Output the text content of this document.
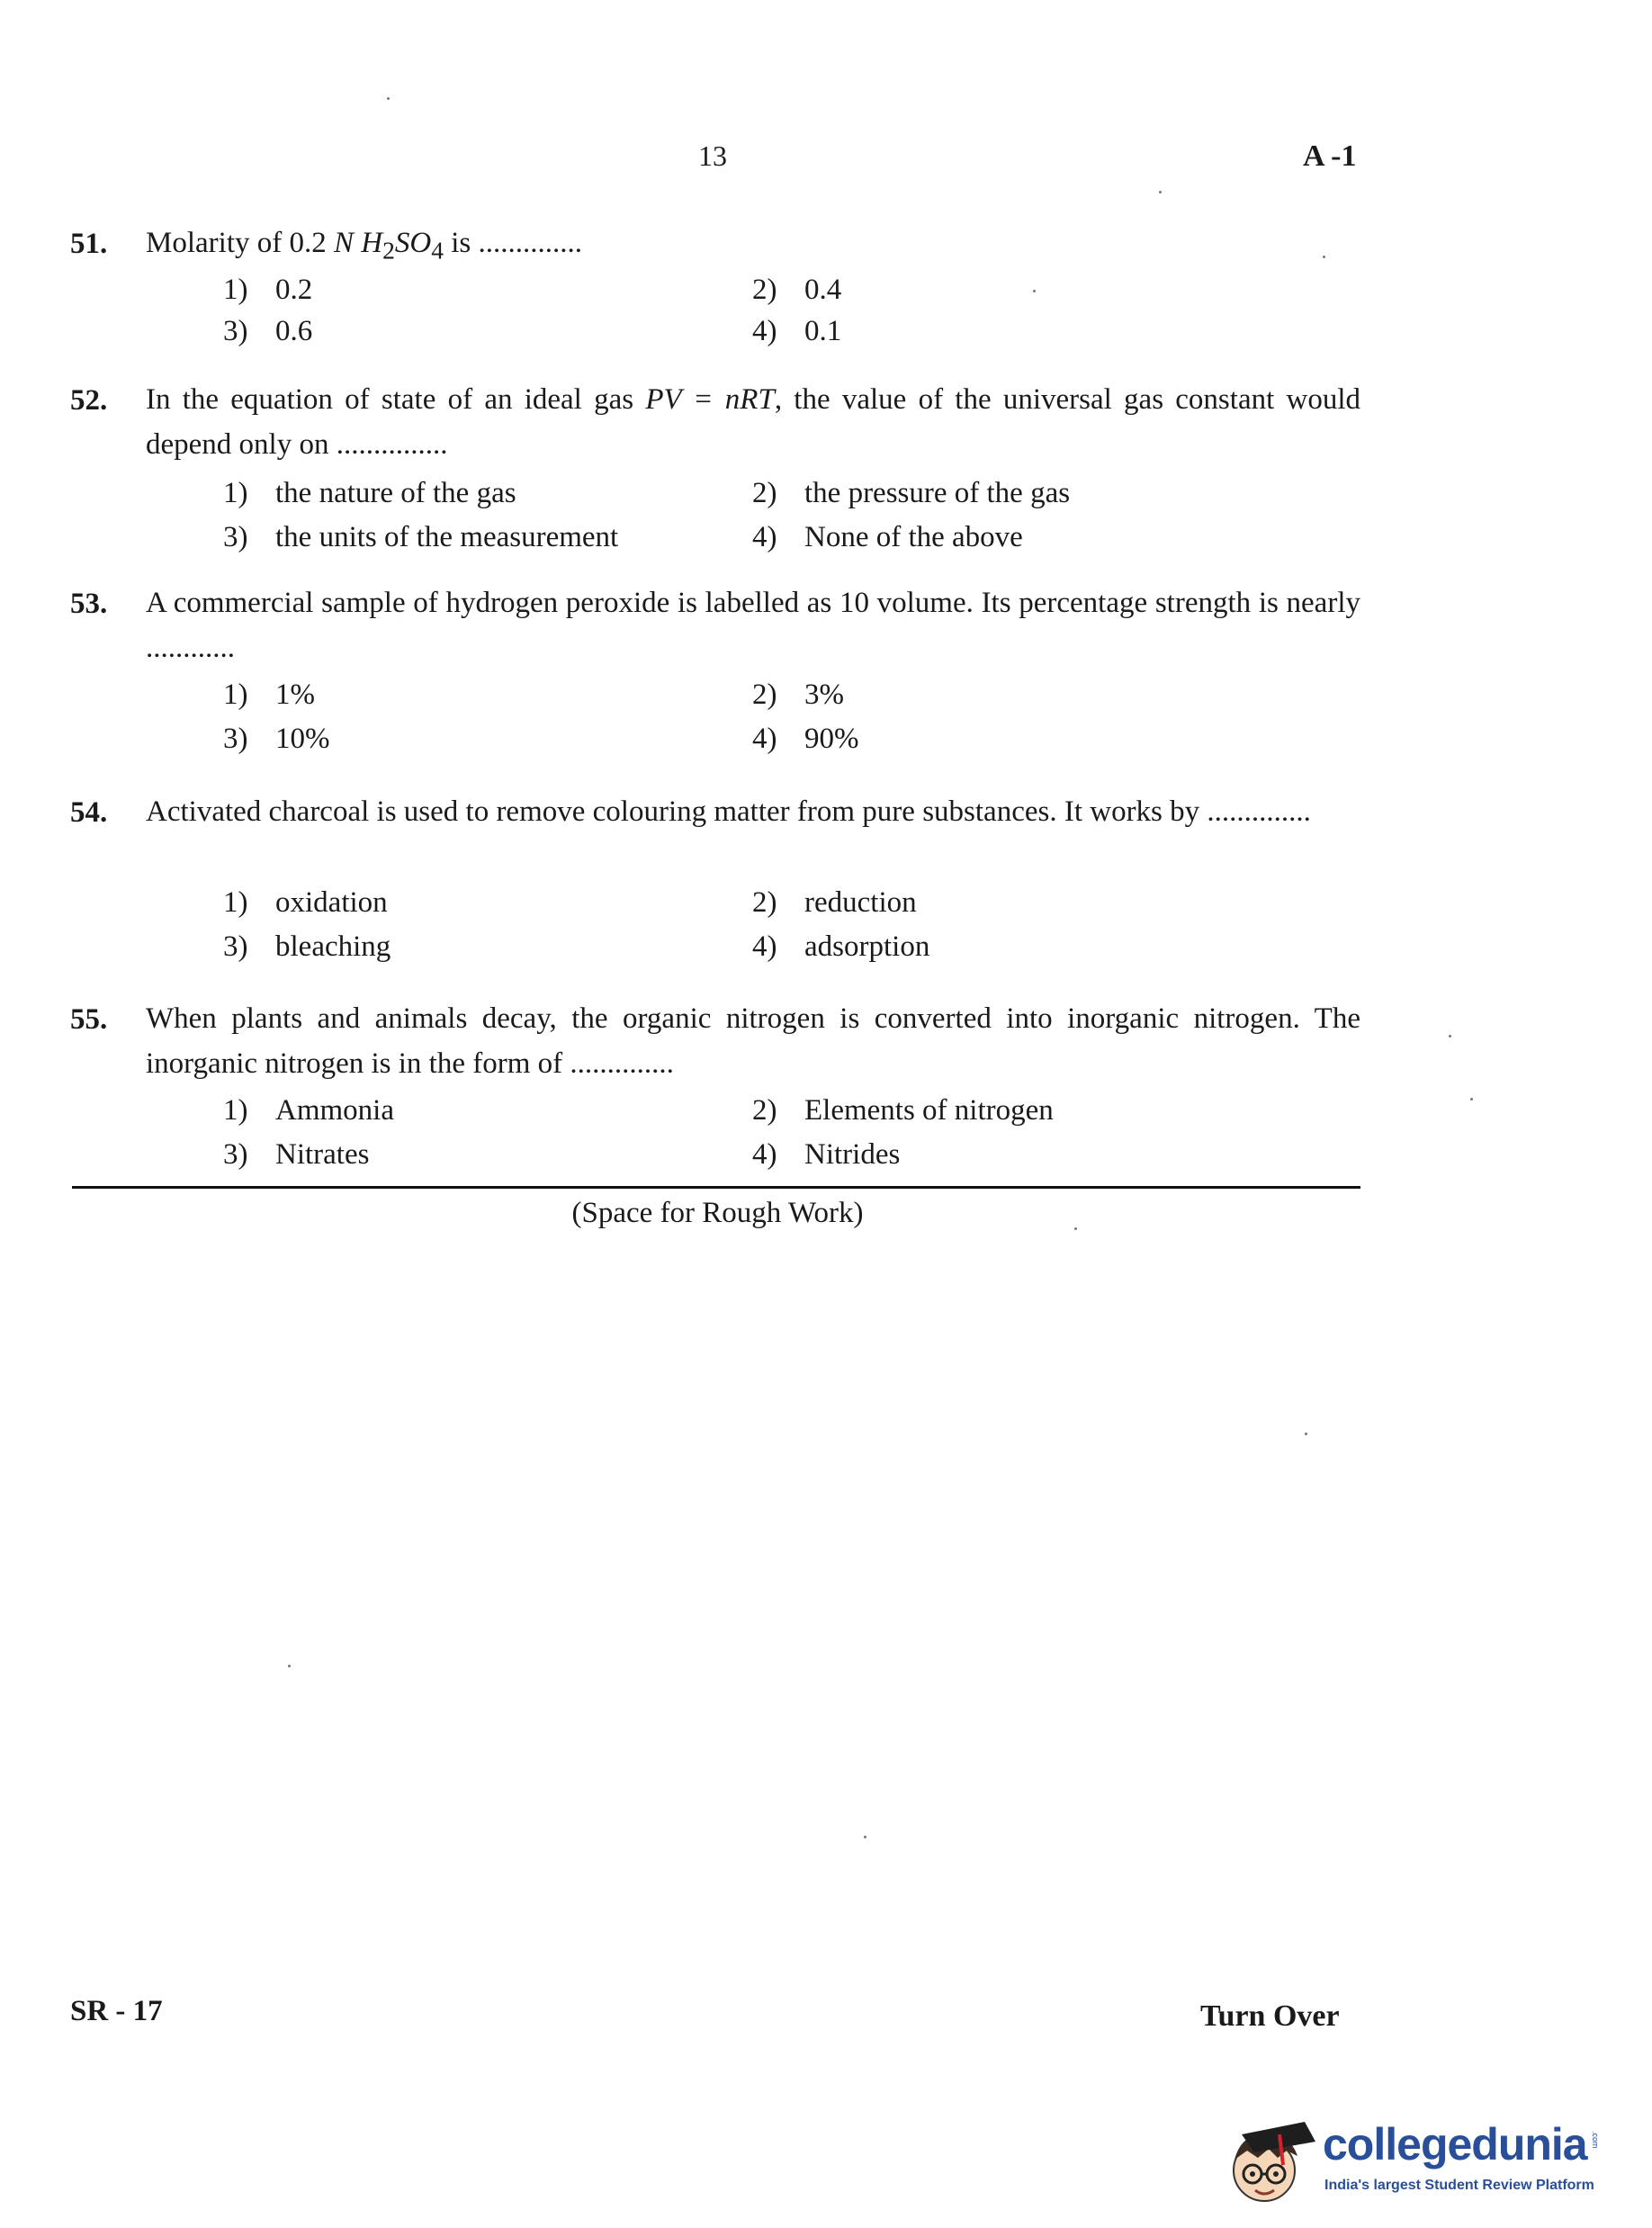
13	A -1
51. Molarity of 0.2 N $H_2SO_4$ is ..............
1) 0.2	2) 0.4
3) 0.6	4) 0.1
52. In the equation of state of an ideal gas PV = nRT, the value of the universal gas constant would depend only on ...............
1) the nature of the gas	2) the pressure of the gas
3) the units of the measurement	4) None of the above
53. A commercial sample of hydrogen peroxide is labelled as 10 volume. Its percentage strength is nearly ............
1) 1%	2) 3%
3) 10%	4) 90%
54. Activated charcoal is used to remove colouring matter from pure substances. It works by ..............
1) oxidation	2) reduction
3) bleaching	4) adsorption
55. When plants and animals decay, the organic nitrogen is converted into inorganic nitrogen. The inorganic nitrogen is in the form of ..............
1) Ammonia	2) Elements of nitrogen
3) Nitrates	4) Nitrides
(Space for Rough Work)
SR - 17	Turn Over
collegedunia .com
India's largest Student Review Platform
